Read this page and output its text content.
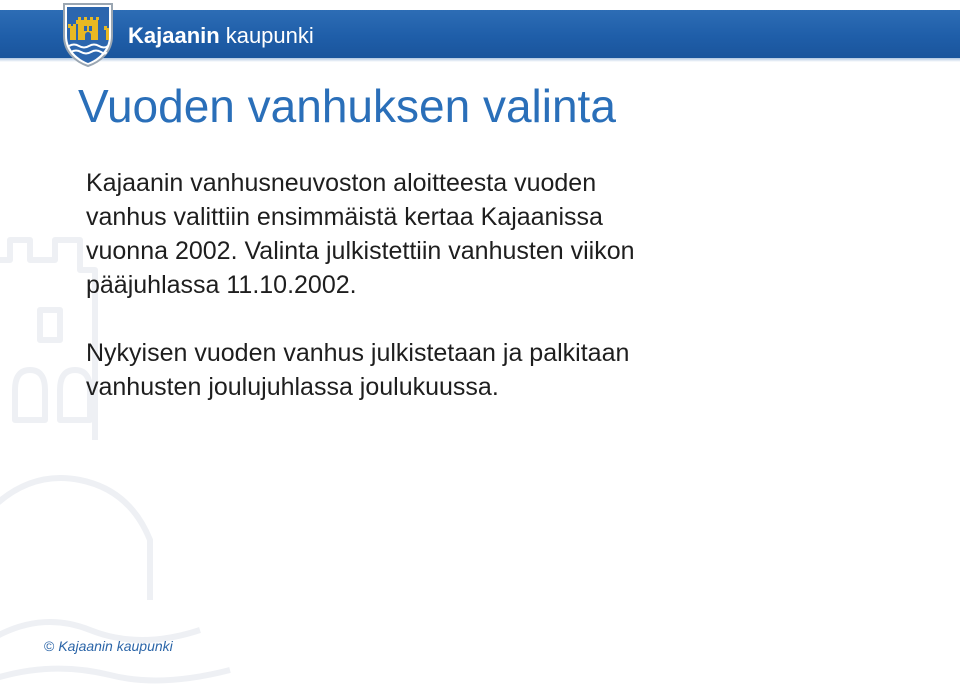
Kajaanin kaupunki
Vuoden vanhuksen valinta

Kajaanin vanhusneuvoston aloitteesta vuoden
vanhus valittiin ensimmäistä kertaa Kajaanissa
vuonna 2002. Valinta julkistettiin vanhusten viikon
pääjuhlassa 11.10.2002.

Nykyisen vuoden vanhus julkistetaan ja palkitaan
vanhusten joulujuhlassa joulukuussa.

© Kajaanin kaupunki
